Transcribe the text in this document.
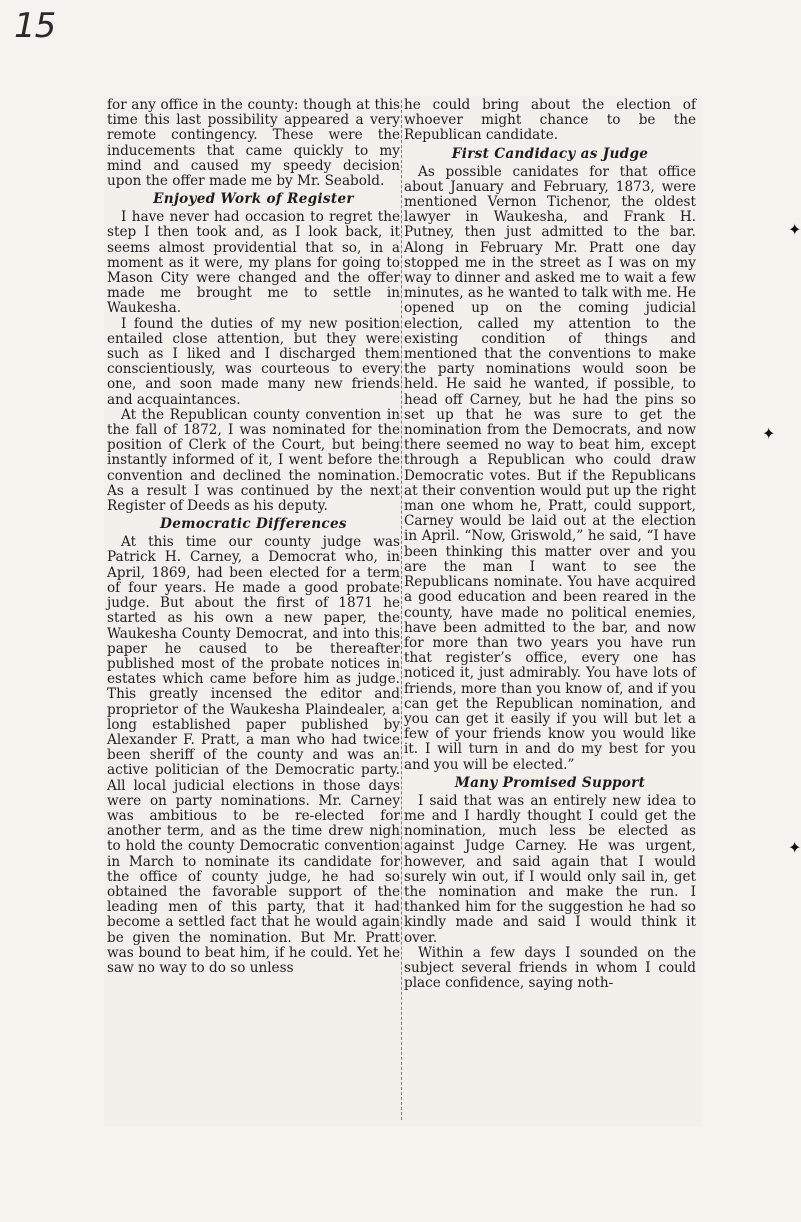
15

for any office in the county: though at this time this last possibility appeared a very remote contingency. These were the inducements that came quickly to my mind and caused my speedy decision upon the offer made me by Mr. Seabold.

Enjoyed Work of Register

I have never had occasion to regret the step I then took and, as I look back, it seems almost providential that so, in a moment as it were, my plans for going to Mason City were changed and the offer made me brought me to settle in Waukesha.

I found the duties of my new position entailed close attention, but they were such as I liked and I discharged them conscientiously, was courteous to every one, and soon made many new friends and acquaintances.

At the Republican county convention in the fall of 1872, I was nominated for the position of Clerk of the Court, but being instantly informed of it, I went before the convention and declined the nomination. As a result I was continued by the next Register of Deeds as his deputy.

Democratic Differences

At this time our county judge was Patrick H. Carney, a Democrat who, in April, 1869, had been elected for a term of four years. He made a good probate judge. But about the first of 1871 he started as his own a new paper, the Waukesha County Democrat, and into this paper he caused to be thereafter published most of the probate notices in estates which came before him as judge. This greatly incensed the editor and proprietor of the Waukesha Plaindealer, a long established paper published by Alexander F. Pratt, a man who had twice been sheriff of the county and was an active politician of the Democratic party. All local judicial elections in those days were on party nominations. Mr. Carney was ambitious to be re-elected for another term, and as the time drew nigh to hold the county Democratic convention in March to nominate its candidate for the office of county judge, he had so obtained the favorable support of the leading men of this party, that it had become a settled fact that he would again be given the nomination. But Mr. Pratt was bound to beat him, if he could. Yet he saw no way to do so unless

he could bring about the election of whoever might chance to be the Republican candidate.

First Candidacy as Judge

As possible canidates for that office about January and February, 1873, were mentioned Vernon Tichenor, the oldest lawyer in Waukesha, and Frank H. Putney, then just admitted to the bar. Along in February Mr. Pratt one day stopped me in the street as I was on my way to dinner and asked me to wait a few minutes, as he wanted to talk with me. He opened up on the coming judicial election, called my attention to the existing condition of things and mentioned that the conventions to make the party nominations would soon be held. He said he wanted, if possible, to head off Carney, but he had the pins so set up that he was sure to get the nomination from the Democrats, and now there seemed no way to beat him, except through a Republican who could draw Democratic votes. But if the Republicans at their convention would put up the right man one whom he, Pratt, could support, Carney would be laid out at the election in April. “Now, Griswold,” he said, “I have been thinking this matter over and you are the man I want to see the Republicans nominate. You have acquired a good education and been reared in the county, have made no political enemies, have been admitted to the bar, and now for more than two years you have run that register’s office, every one has noticed it, just admirably. You have lots of friends, more than you know of, and if you can get the Republican nomination, and you can get it easily if you will but let a few of your friends know you would like it. I will turn in and do my best for you and you will be elected.”

Many Promised Support

I said that was an entirely new idea to me and I hardly thought I could get the nomination, much less be elected as against Judge Carney. He was urgent, however, and said again that I would surely win out, if I would only sail in, get the nomination and make the run. I thanked him for the suggestion he had so kindly made and said I would think it over.

Within a few days I sounded on the subject several friends in whom I could place confidence, saying noth-

✦
✦
✦
